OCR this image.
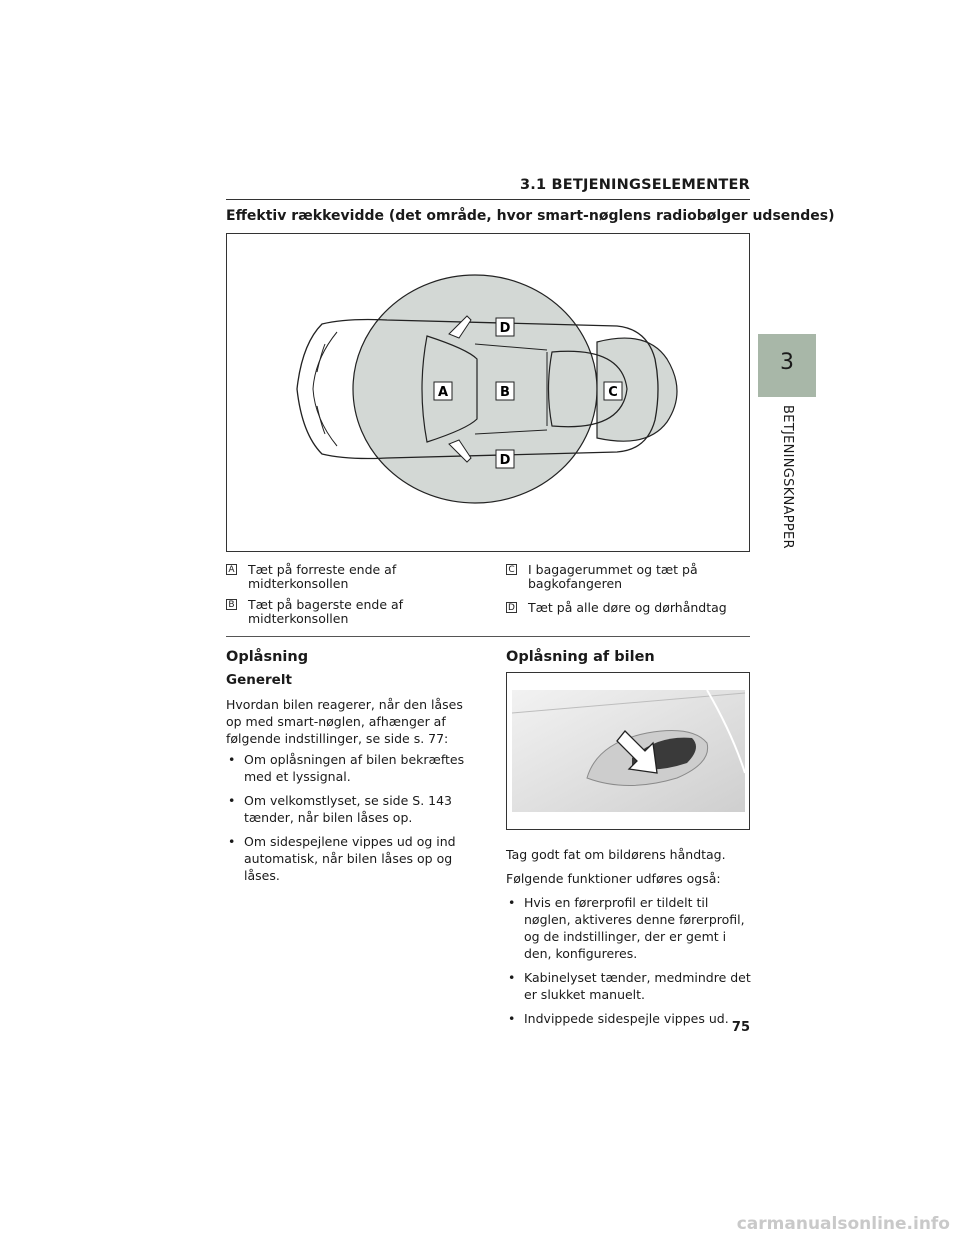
3.1 BETJENINGSELEMENTER
Effektiv rækkevidde (det område, hvor smart-nøglens radiobølger udsendes)
D
A	B	C
D
A Tæt på forreste ende af midterkonsollen
B Tæt på bagerste ende af midterkonsollen
C I bagagerummet og tæt på bagkofangeren
D Tæt på alle døre og dørhåndtag
Oplåsning
Generelt
Hvordan bilen reagerer, når den låses op med smart-nøglen, afhænger af følgende indstillinger, se side s. 77:
• Om oplåsningen af bilen bekræftes med et lyssignal.
• Om velkomstlyset, se side S. 143 tænder, når bilen låses op.
• Om sidespejlene vippes ud og ind automatisk, når bilen låses op og låses.
Oplåsning af bilen
Tag godt fat om bildørens håndtag.
Følgende funktioner udføres også:
• Hvis en førerprofil er tildelt til nøglen, aktiveres denne førerprofil, og de indstillinger, der er gemt i den, konfigureres.
• Kabinelyset tænder, medmindre det er slukket manuelt.
• Indvippede sidespejle vippes ud.
75
3
BETJENINGSKNAPPER
carmanualsonline.info
